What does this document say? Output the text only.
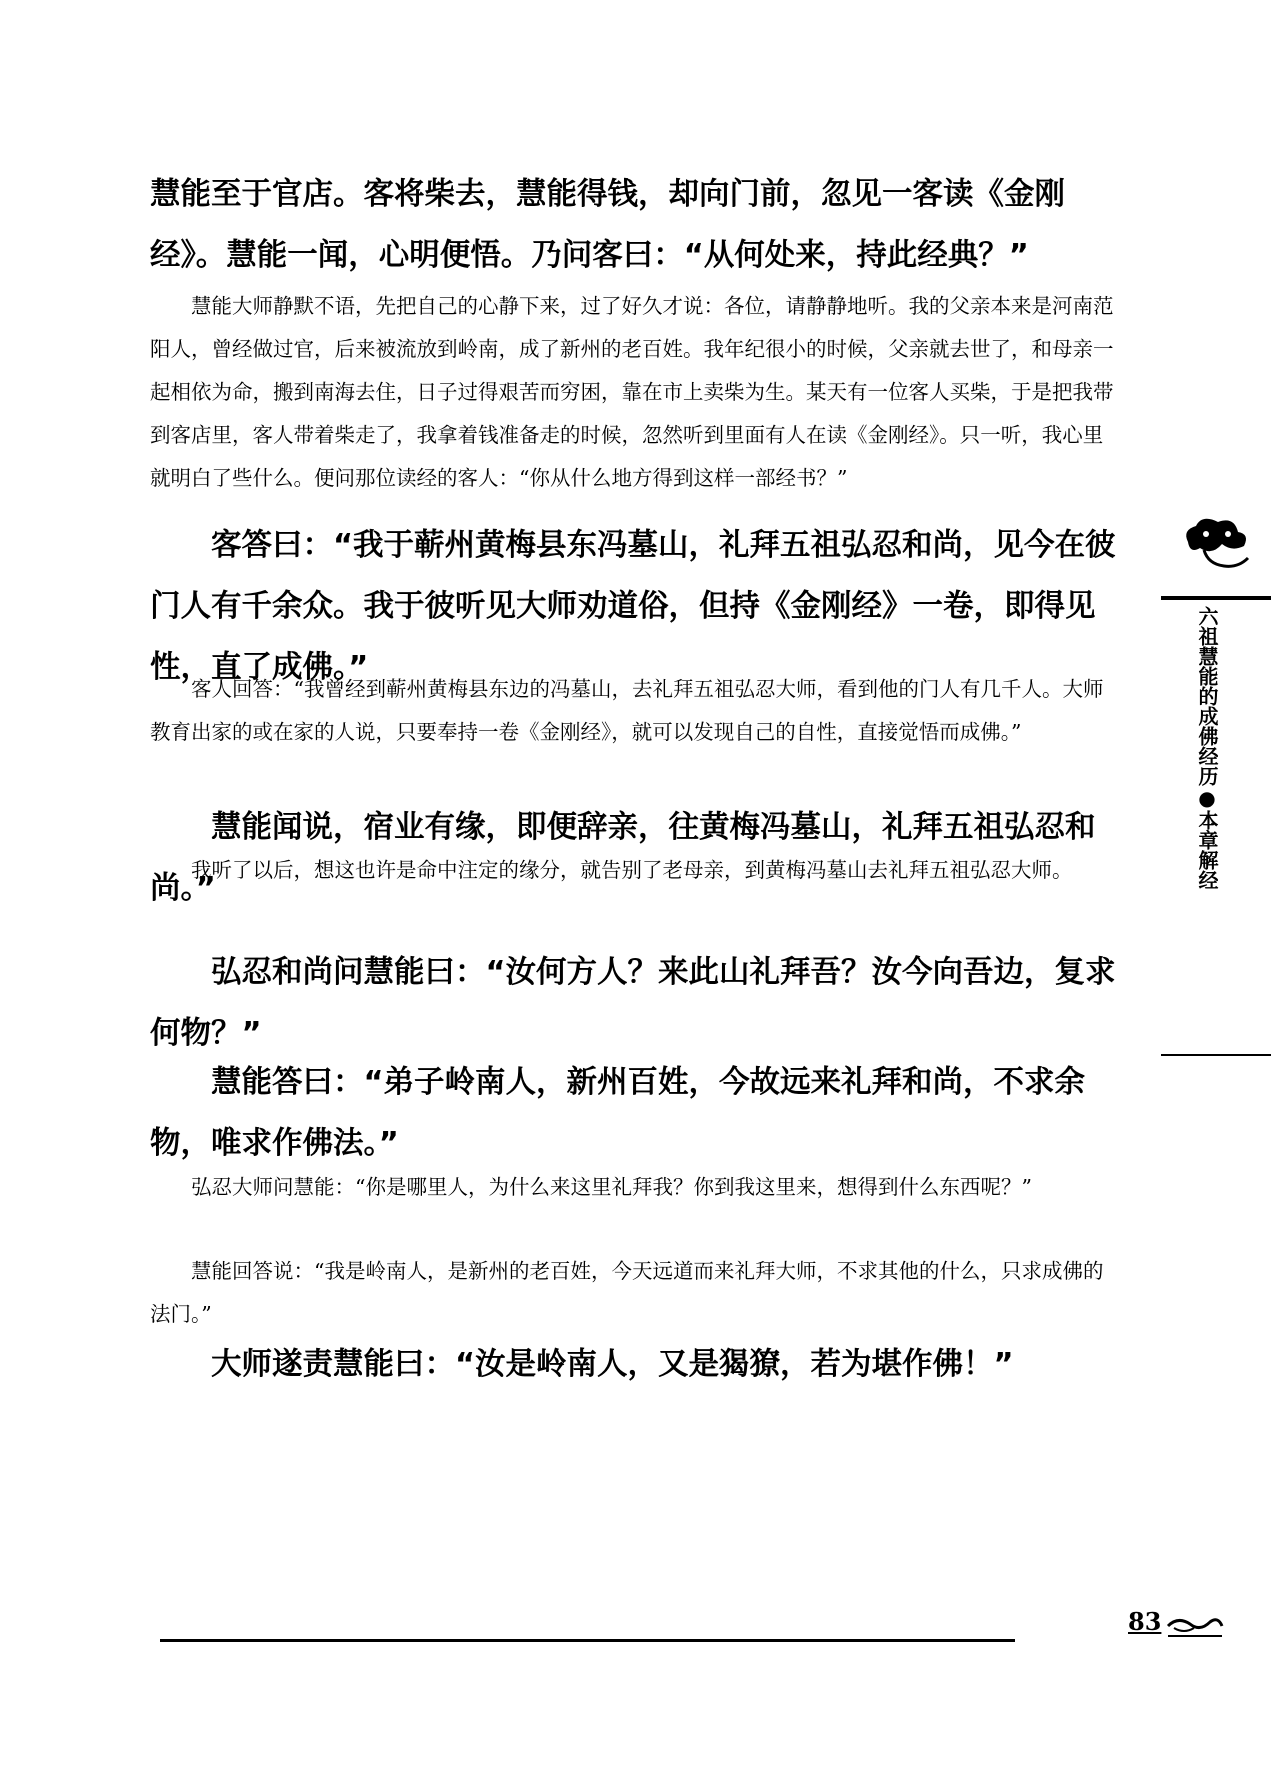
慧能至于官店。客将柴去，慧能得钱，却向门前，忽见一客读《金刚经》。慧能一闻，心明便悟。乃问客曰：“从何处来，持此经典？”

慧能大师静默不语，先把自己的心静下来，过了好久才说：各位，请静静地听。我的父亲本来是河南范阳人，曾经做过官，后来被流放到岭南，成了新州的老百姓。我年纪很小的时候，父亲就去世了，和母亲一起相依为命，搬到南海去住，日子过得艰苦而穷困，靠在市上卖柴为生。某天有一位客人买柴，于是把我带到客店里，客人带着柴走了，我拿着钱准备走的时候，忽然听到里面有人在读《金刚经》。只一听，我心里就明白了些什么。便问那位读经的客人：“你从什么地方得到这样一部经书？”

客答曰：“我于蕲州黄梅县东冯墓山，礼拜五祖弘忍和尚，见今在彼门人有千余众。我于彼听见大师劝道俗，但持《金刚经》一卷，即得见性，直了成佛。”

客人回答：“我曾经到蕲州黄梅县东边的冯墓山，去礼拜五祖弘忍大师，看到他的门人有几千人。大师教育出家的或在家的人说，只要奉持一卷《金刚经》，就可以发现自己的自性，直接觉悟而成佛。”

慧能闻说，宿业有缘，即便辞亲，往黄梅冯墓山，礼拜五祖弘忍和尚。”

我听了以后，想这也许是命中注定的缘分，就告别了老母亲，到黄梅冯墓山去礼拜五祖弘忍大师。

弘忍和尚问慧能曰：“汝何方人？来此山礼拜吾？汝今向吾边，复求何物？”

慧能答曰：“弟子岭南人，新州百姓，今故远来礼拜和尚，不求余物，唯求作佛法。”

弘忍大师问慧能：“你是哪里人，为什么来这里礼拜我？你到我这里来，想得到什么东西呢？”

慧能回答说：“我是岭南人，是新州的老百姓，今天远道而来礼拜大师，不求其他的什么，只求成佛的法门。”

大师遂责慧能曰：“汝是岭南人，又是猲獠，若为堪作佛！”

六祖慧能的成佛经历●本章解经
83
